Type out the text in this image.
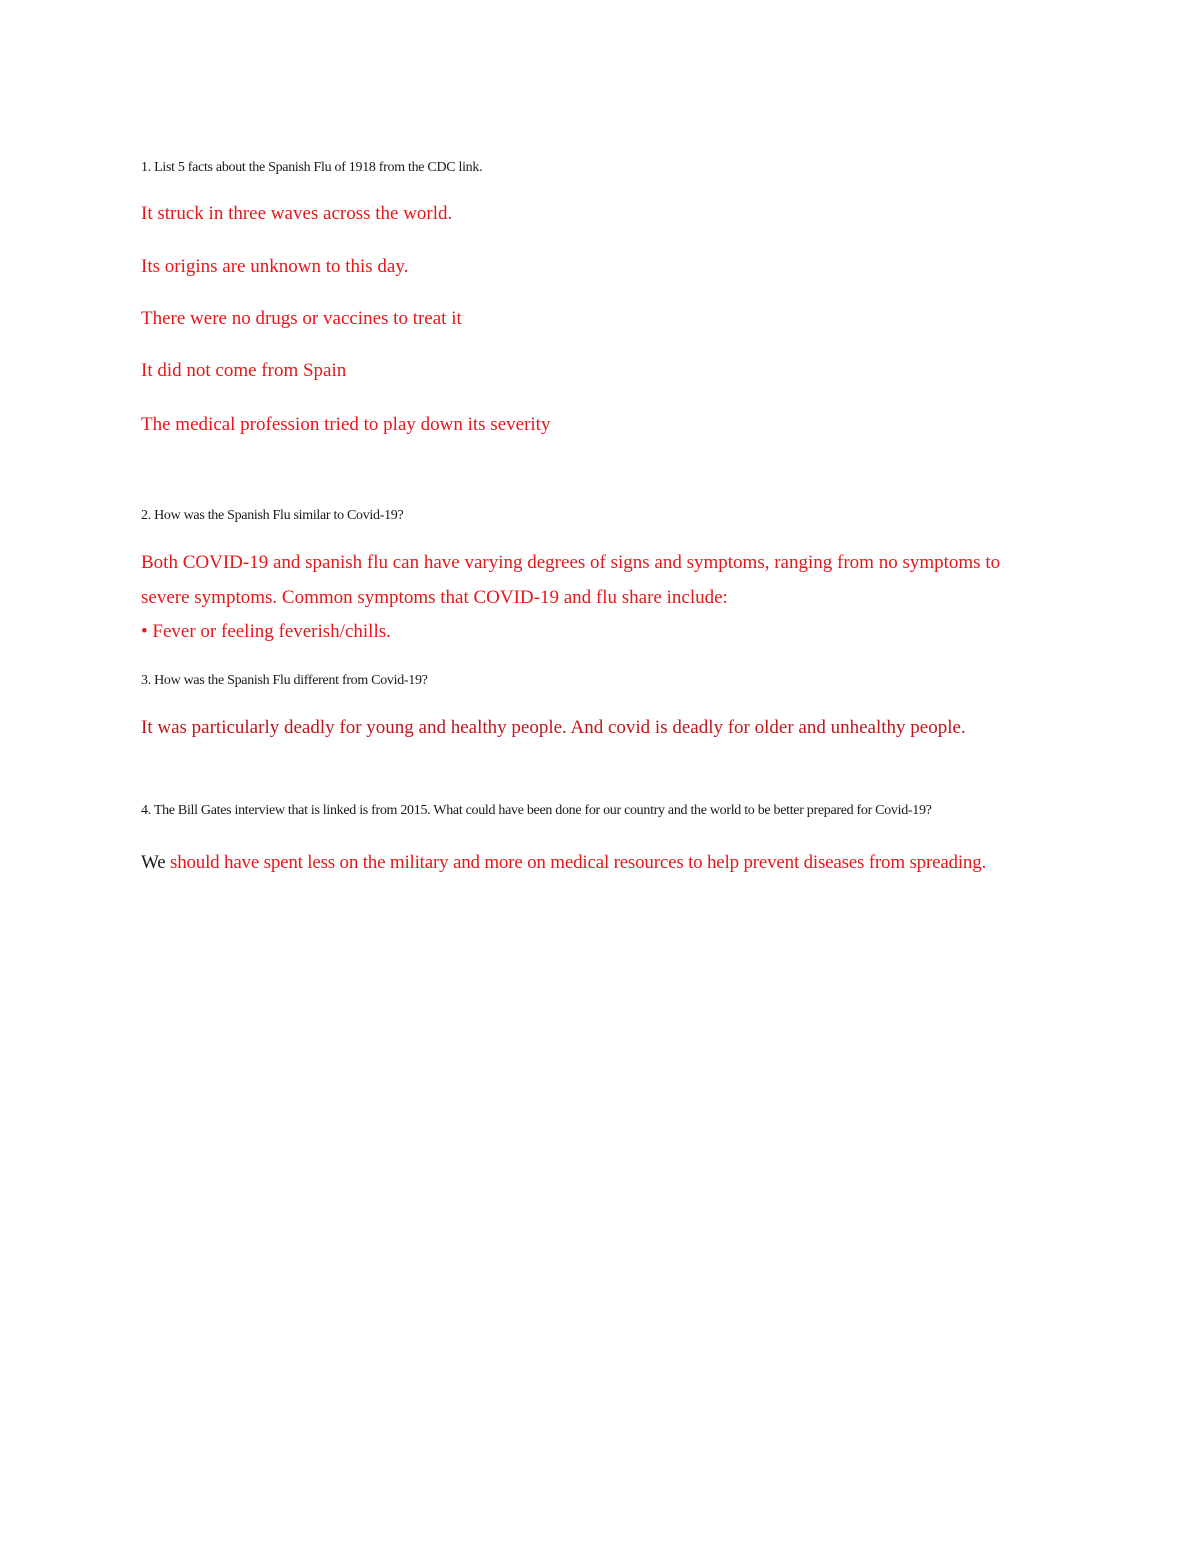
1. List 5 facts about the Spanish Flu of 1918 from the CDC link.
It struck in three waves across the world.
Its origins are unknown to this day.
There were no drugs or vaccines to treat it
It did not come from Spain
The medical profession tried to play down its severity
2. How was the Spanish Flu similar to Covid-19?
Both COVID-19 and spanish flu can have varying degrees of signs and symptoms, ranging from no symptoms to severe symptoms. Common symptoms that COVID-19 and flu share include:
• Fever or feeling feverish/chills.
3. How was the Spanish Flu different from Covid-19?
It was particularly deadly for young and healthy people. And covid is deadly for older and unhealthy people.
4. The Bill Gates interview that is linked is from 2015. What could have been done for our country and the world to be better prepared for Covid-19?
We should have spent less on the military and more on medical resources to help prevent diseases from spreading.
